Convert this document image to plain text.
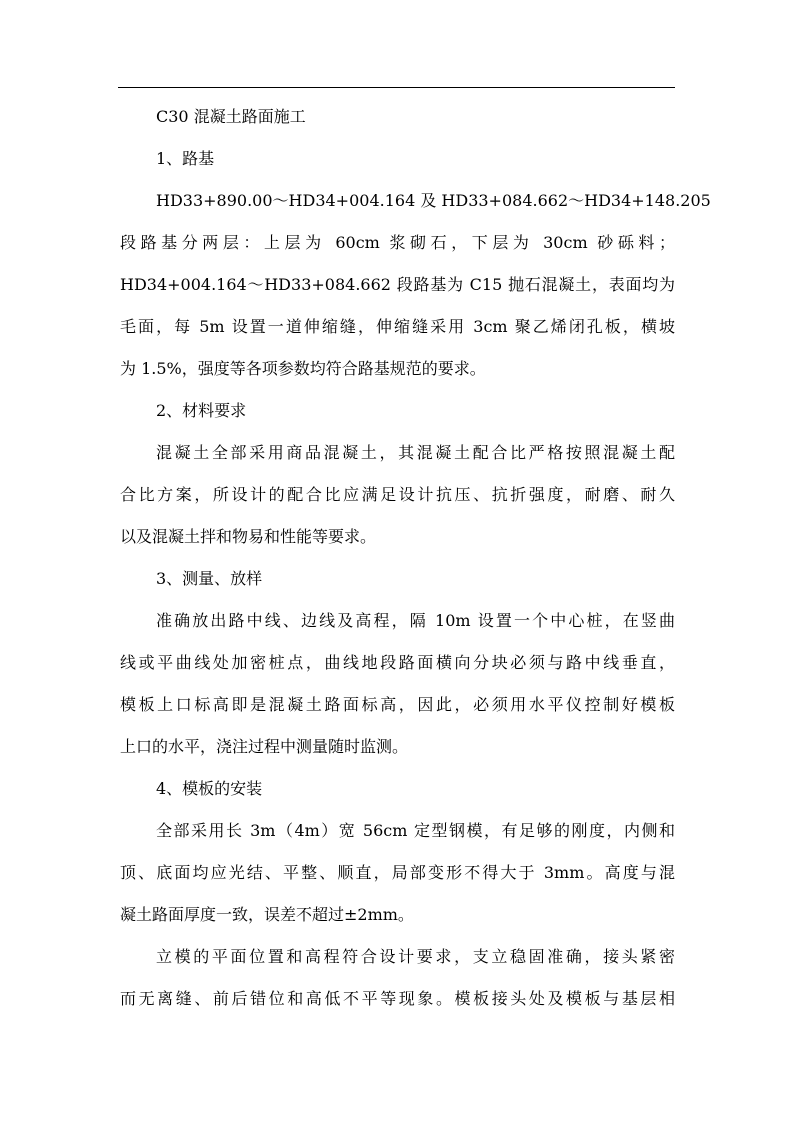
C30 混凝土路面施工
1、路基
HD33+890.00～HD34+004.164 及 HD33+084.662～HD34+148.205
段路基分两层：上层为 60cm 浆砌石，下层为 30cm 砂砾料；
HD34+004.164～HD33+084.662 段路基为 C15 抛石混凝土，表面均为
毛面，每 5m 设置一道伸缩缝，伸缩缝采用 3cm 聚乙烯闭孔板，横坡
为 1.5%，强度等各项参数均符合路基规范的要求。
2、材料要求
混凝土全部采用商品混凝土，其混凝土配合比严格按照混凝土配
合比方案，所设计的配合比应满足设计抗压、抗折强度，耐磨、耐久
以及混凝土拌和物易和性能等要求。
3、测量、放样
准确放出路中线、边线及高程，隔 10m 设置一个中心桩，在竖曲
线或平曲线处加密桩点，曲线地段路面横向分块必须与路中线垂直，
模板上口标高即是混凝土路面标高，因此，必须用水平仪控制好模板
上口的水平，浇注过程中测量随时监测。
4、模板的安装
全部采用长 3m（4m）宽 56cm 定型钢模，有足够的刚度，内侧和
顶、底面均应光结、平整、顺直，局部变形不得大于 3mm。高度与混
凝土路面厚度一致，误差不超过±2mm。
立模的平面位置和高程符合设计要求，支立稳固准确，接头紧密
而无离缝、前后错位和高低不平等现象。模板接头处及模板与基层相
